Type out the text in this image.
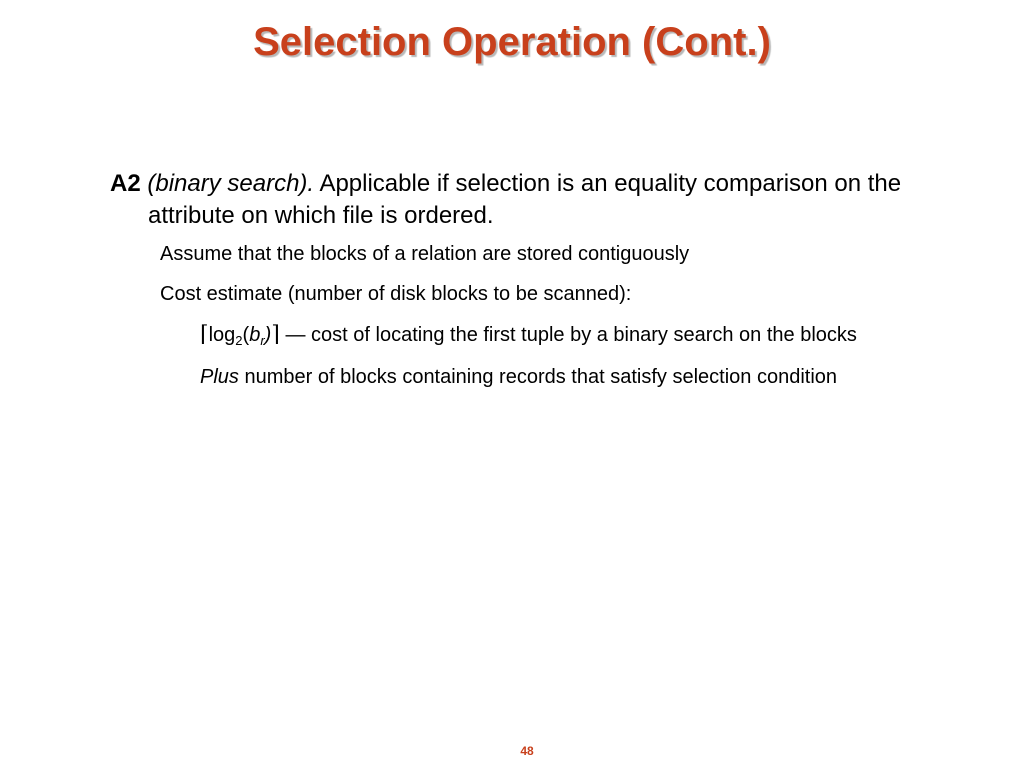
Selection Operation (Cont.)
A2 (binary search). Applicable if selection is an equality comparison on the attribute on which file is ordered.
Assume that the blocks of a relation are stored contiguously
Cost estimate (number of disk blocks to be scanned):
$⌈\log_2(b_r)⌉$ — cost of locating the first tuple by a binary search on the blocks
Plus number of blocks containing records that satisfy selection condition
48
